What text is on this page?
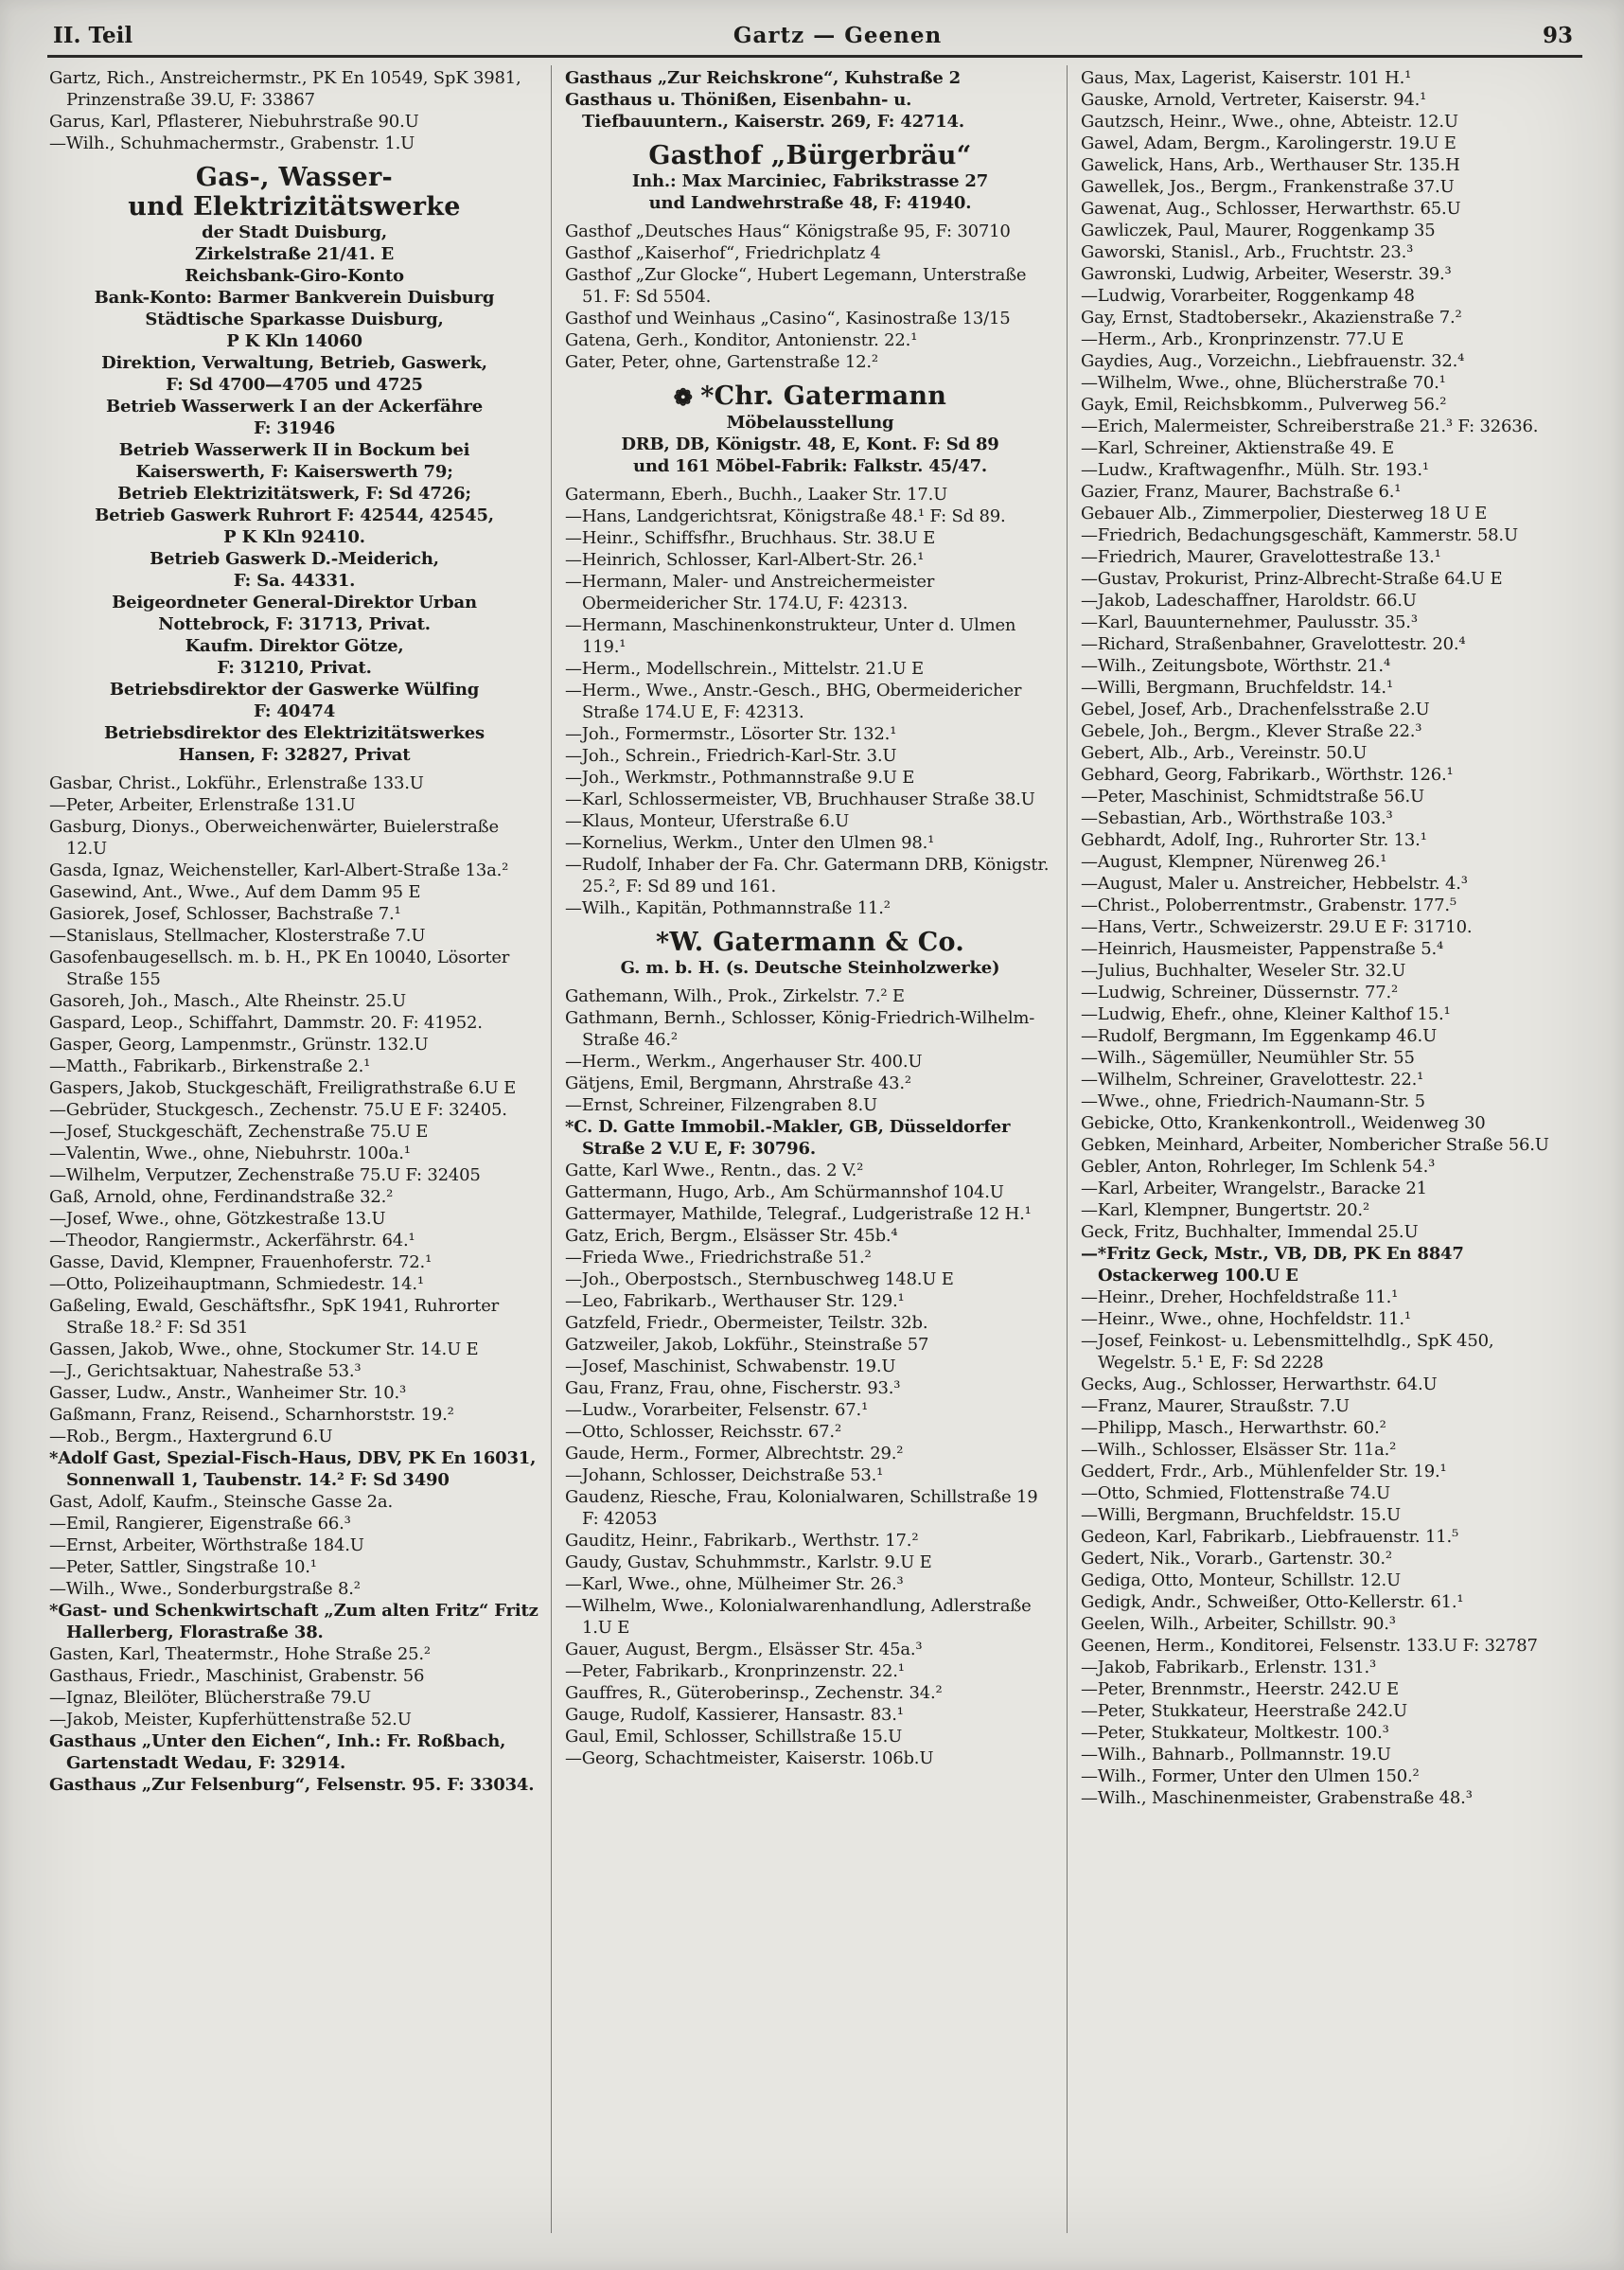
II. Teil	Gartz — Geenen	93

Gartz, Rich., Anstreichermstr., PK En 10549, SpK 3981, Prinzenstraße 39.U, F: 33867

Garus, Karl, Pflasterer, Niebuhrstraße 90.U

—Wilh., Schuhmachermstr., Grabenstr. 1.U

Gas-, Wasser-
und Elektrizitätswerke
der Stadt Duisburg,
Zirkelstraße 21/41. E
Reichsbank-Giro-Konto
Bank-Konto: Barmer Bankverein Duisburg
Städtische Sparkasse Duisburg,
P K Kln 14060
Direktion, Verwaltung, Betrieb, Gaswerk,
F: Sd 4700—4705 und 4725
Betrieb Wasserwerk I an der Ackerfähre
F: 31946
Betrieb Wasserwerk II in Bockum bei
Kaiserswerth, F: Kaiserswerth 79;
Betrieb Elektrizitätswerk, F: Sd 4726;
Betrieb Gaswerk Ruhrort F: 42544, 42545,
P K Kln 92410.
Betrieb Gaswerk D.-Meiderich,
F: Sa. 44331.
Beigeordneter General-Direktor Urban
Nottebrock, F: 31713, Privat.
Kaufm. Direktor Götze,
F: 31210, Privat.
Betriebsdirektor der Gaswerke Wülfing
F: 40474
Betriebsdirektor des Elektrizitätswerkes
Hansen, F: 32827, Privat

Gasbar, Christ., Lokführ., Erlenstraße 133.U

—Peter, Arbeiter, Erlenstraße 131.U

Gasburg, Dionys., Oberweichenwärter, Buielerstraße 12.U

Gasda, Ignaz, Weichensteller, Karl-Albert-Straße 13a.²

Gasewind, Ant., Wwe., Auf dem Damm 95 E

Gasiorek, Josef, Schlosser, Bachstraße 7.¹

—Stanislaus, Stellmacher, Klosterstraße 7.U

Gasofenbaugesellsch. m. b. H., PK En 10040, Lösorter Straße 155

Gasoreh, Joh., Masch., Alte Rheinstr. 25.U

Gaspard, Leop., Schiffahrt, Dammstr. 20. F: 41952.

Gasper, Georg, Lampenmstr., Grünstr. 132.U

—Matth., Fabrikarb., Birkenstraße 2.¹

Gaspers, Jakob, Stuckgeschäft, Freiligrathstraße 6.U E

—Gebrüder, Stuckgesch., Zechenstr. 75.U E F: 32405.

—Josef, Stuckgeschäft, Zechenstraße 75.U E

—Valentin, Wwe., ohne, Niebuhrstr. 100a.¹

—Wilhelm, Verputzer, Zechenstraße 75.U F: 32405

Gaß, Arnold, ohne, Ferdinandstraße 32.²

—Josef, Wwe., ohne, Götzkestraße 13.U

—Theodor, Rangiermstr., Ackerfährstr. 64.¹

Gasse, David, Klempner, Frauenhoferstr. 72.¹

—Otto, Polizeihauptmann, Schmiedestr. 14.¹

Gaßeling, Ewald, Geschäftsfhr., SpK 1941, Ruhrorter Straße 18.² F: Sd 351

Gassen, Jakob, Wwe., ohne, Stockumer Str. 14.U E

—J., Gerichtsaktuar, Nahestraße 53.³

Gasser, Ludw., Anstr., Wanheimer Str. 10.³

Gaßmann, Franz, Reisend., Scharnhorststr. 19.²

—Rob., Bergm., Haxtergrund 6.U

*Adolf Gast, Spezial-Fisch-Haus, DBV, PK En 16031, Sonnenwall 1, Taubenstr. 14.² F: Sd 3490

Gast, Adolf, Kaufm., Steinsche Gasse 2a.

—Emil, Rangierer, Eigenstraße 66.³

—Ernst, Arbeiter, Wörthstraße 184.U

—Peter, Sattler, Singstraße 10.¹

—Wilh., Wwe., Sonderburgstraße 8.²

*Gast- und Schenkwirtschaft „Zum alten Fritz“ Fritz Hallerberg, Florastraße 38.

Gasten, Karl, Theatermstr., Hohe Straße 25.²

Gasthaus, Friedr., Maschinist, Grabenstr. 56

—Ignaz, Bleilöter, Blücherstraße 79.U

—Jakob, Meister, Kupferhüttenstraße 52.U

Gasthaus „Unter den Eichen“, Inh.: Fr. Roßbach, Gartenstadt Wedau, F: 32914.

Gasthaus „Zur Felsenburg“, Felsenstr. 95. F: 33034.

Gasthaus „Zur Reichskrone“, Kuhstraße 2

Gasthaus u. Thönißen, Eisenbahn- u. Tiefbauuntern., Kaiserstr. 269, F: 42714.

Gasthof „Bürgerbräu“
Inh.: Max Marciniec, Fabrikstrasse 27
und Landwehrstraße 48, F: 41940.

Gasthof „Deutsches Haus“ Königstraße 95, F: 30710

Gasthof „Kaiserhof“, Friedrichplatz 4

Gasthof „Zur Glocke“, Hubert Legemann, Unterstraße 51. F: Sd 5504.

Gasthof und Weinhaus „Casino“, Kasinostraße 13/15

Gatena, Gerh., Konditor, Antonienstr. 22.¹

Gater, Peter, ohne, Gartenstraße 12.²

❁ *Chr. Gatermann
Möbelausstellung
DRB, DB, Königstr. 48, E, Kont. F: Sd 89
und 161 Möbel-Fabrik: Falkstr. 45/47.

Gatermann, Eberh., Buchh., Laaker Str. 17.U

—Hans, Landgerichtsrat, Königstraße 48.¹ F: Sd 89.

—Heinr., Schiffsfhr., Bruchhaus. Str. 38.U E

—Heinrich, Schlosser, Karl-Albert-Str. 26.¹

—Hermann, Maler- und Anstreichermeister Obermeidericher Str. 174.U, F: 42313.

—Hermann, Maschinenkonstrukteur, Unter d. Ulmen 119.¹

—Herm., Modellschrein., Mittelstr. 21.U E

—Herm., Wwe., Anstr.-Gesch., BHG, Obermeidericher Straße 174.U E, F: 42313.

—Joh., Formermstr., Lösorter Str. 132.¹

—Joh., Schrein., Friedrich-Karl-Str. 3.U

—Joh., Werkmstr., Pothmannstraße 9.U E

—Karl, Schlossermeister, VB, Bruchhauser Straße 38.U

—Klaus, Monteur, Uferstraße 6.U

—Kornelius, Werkm., Unter den Ulmen 98.¹

—Rudolf, Inhaber der Fa. Chr. Gatermann DRB, Königstr. 25.², F: Sd 89 und 161.

—Wilh., Kapitän, Pothmannstraße 11.²

*W. Gatermann & Co.
G. m. b. H. (s. Deutsche Steinholzwerke)

Gathemann, Wilh., Prok., Zirkelstr. 7.² E

Gathmann, Bernh., Schlosser, König-Friedrich-Wilhelm-Straße 46.²

—Herm., Werkm., Angerhauser Str. 400.U

Gätjens, Emil, Bergmann, Ahrstraße 43.²

—Ernst, Schreiner, Filzengraben 8.U

*C. D. Gatte Immobil.-Makler, GB, Düsseldorfer Straße 2 V.U E, F: 30796.

Gatte, Karl Wwe., Rentn., das. 2 V.²

Gattermann, Hugo, Arb., Am Schürmannshof 104.U

Gattermayer, Mathilde, Telegraf., Ludgeristraße 12 H.¹

Gatz, Erich, Bergm., Elsässer Str. 45b.⁴

—Frieda Wwe., Friedrichstraße 51.²

—Joh., Oberpostsch., Sternbuschweg 148.U E

—Leo, Fabrikarb., Werthauser Str. 129.¹

Gatzfeld, Friedr., Obermeister, Teilstr. 32b.

Gatzweiler, Jakob, Lokführ., Steinstraße 57

—Josef, Maschinist, Schwabenstr. 19.U

Gau, Franz, Frau, ohne, Fischerstr. 93.³

—Ludw., Vorarbeiter, Felsenstr. 67.¹

—Otto, Schlosser, Reichsstr. 67.²

Gaude, Herm., Former, Albrechtstr. 29.²

—Johann, Schlosser, Deichstraße 53.¹

Gaudenz, Riesche, Frau, Kolonialwaren, Schillstraße 19 F: 42053

Gauditz, Heinr., Fabrikarb., Werthstr. 17.²

Gaudy, Gustav, Schuhmmstr., Karlstr. 9.U E

—Karl, Wwe., ohne, Mülheimer Str. 26.³

—Wilhelm, Wwe., Kolonialwarenhandlung, Adlerstraße 1.U E

Gauer, August, Bergm., Elsässer Str. 45a.³

—Peter, Fabrikarb., Kronprinzenstr. 22.¹

Gauffres, R., Güteroberinsp., Zechenstr. 34.²

Gauge, Rudolf, Kassierer, Hansastr. 83.¹

Gaul, Emil, Schlosser, Schillstraße 15.U

—Georg, Schachtmeister, Kaiserstr. 106b.U

Gaus, Max, Lagerist, Kaiserstr. 101 H.¹

Gauske, Arnold, Vertreter, Kaiserstr. 94.¹

Gautzsch, Heinr., Wwe., ohne, Abteistr. 12.U

Gawel, Adam, Bergm., Karolingerstr. 19.U E

Gawelick, Hans, Arb., Werthauser Str. 135.H

Gawellek, Jos., Bergm., Frankenstraße 37.U

Gawenat, Aug., Schlosser, Herwarthstr. 65.U

Gawliczek, Paul, Maurer, Roggenkamp 35

Gaworski, Stanisl., Arb., Fruchtstr. 23.³

Gawronski, Ludwig, Arbeiter, Weserstr. 39.³

—Ludwig, Vorarbeiter, Roggenkamp 48

Gay, Ernst, Stadtobersekr., Akazienstraße 7.²

—Herm., Arb., Kronprinzenstr. 77.U E

Gaydies, Aug., Vorzeichn., Liebfrauenstr. 32.⁴

—Wilhelm, Wwe., ohne, Blücherstraße 70.¹

Gayk, Emil, Reichsbkomm., Pulverweg 56.²

—Erich, Malermeister, Schreiberstraße 21.³ F: 32636.

—Karl, Schreiner, Aktienstraße 49. E

—Ludw., Kraftwagenfhr., Mülh. Str. 193.¹

Gazier, Franz, Maurer, Bachstraße 6.¹

Gebauer Alb., Zimmerpolier, Diesterweg 18 U E

—Friedrich, Bedachungsgeschäft, Kammerstr. 58.U

—Friedrich, Maurer, Gravelottestraße 13.¹

—Gustav, Prokurist, Prinz-Albrecht-Straße 64.U E

—Jakob, Ladeschaffner, Haroldstr. 66.U

—Karl, Bauunternehmer, Paulusstr. 35.³

—Richard, Straßenbahner, Gravelottestr. 20.⁴

—Wilh., Zeitungsbote, Wörthstr. 21.⁴

—Willi, Bergmann, Bruchfeldstr. 14.¹

Gebel, Josef, Arb., Drachenfelsstraße 2.U

Gebele, Joh., Bergm., Klever Straße 22.³

Gebert, Alb., Arb., Vereinstr. 50.U

Gebhard, Georg, Fabrikarb., Wörthstr. 126.¹

—Peter, Maschinist, Schmidtstraße 56.U

—Sebastian, Arb., Wörthstraße 103.³

Gebhardt, Adolf, Ing., Ruhrorter Str. 13.¹

—August, Klempner, Nürenweg 26.¹

—August, Maler u. Anstreicher, Hebbelstr. 4.³

—Christ., Poloberrentmstr., Grabenstr. 177.⁵

—Hans, Vertr., Schweizerstr. 29.U E F: 31710.

—Heinrich, Hausmeister, Pappenstraße 5.⁴

—Julius, Buchhalter, Weseler Str. 32.U

—Ludwig, Schreiner, Düssernstr. 77.²

—Ludwig, Ehefr., ohne, Kleiner Kalthof 15.¹

—Rudolf, Bergmann, Im Eggenkamp 46.U

—Wilh., Sägemüller, Neumühler Str. 55

—Wilhelm, Schreiner, Gravelottestr. 22.¹

—Wwe., ohne, Friedrich-Naumann-Str. 5

Gebicke, Otto, Krankenkontroll., Weidenweg 30

Gebken, Meinhard, Arbeiter, Nombericher Straße 56.U

Gebler, Anton, Rohrleger, Im Schlenk 54.³

—Karl, Arbeiter, Wrangelstr., Baracke 21

—Karl, Klempner, Bungertstr. 20.²

Geck, Fritz, Buchhalter, Immendal 25.U

—*Fritz Geck, Mstr., VB, DB, PK En 8847 Ostackerweg 100.U E

—Heinr., Dreher, Hochfeldstraße 11.¹

—Heinr., Wwe., ohne, Hochfeldstr. 11.¹

—Josef, Feinkost- u. Lebensmittelhdlg., SpK 450, Wegelstr. 5.¹ E, F: Sd 2228

Gecks, Aug., Schlosser, Herwarthstr. 64.U

—Franz, Maurer, Straußstr. 7.U

—Philipp, Masch., Herwarthstr. 60.²

—Wilh., Schlosser, Elsässer Str. 11a.²

Geddert, Frdr., Arb., Mühlenfelder Str. 19.¹

—Otto, Schmied, Flottenstraße 74.U

—Willi, Bergmann, Bruchfeldstr. 15.U

Gedeon, Karl, Fabrikarb., Liebfrauenstr. 11.⁵

Gedert, Nik., Vorarb., Gartenstr. 30.²

Gediga, Otto, Monteur, Schillstr. 12.U

Gedigk, Andr., Schweißer, Otto-Kellerstr. 61.¹

Geelen, Wilh., Arbeiter, Schillstr. 90.³

Geenen, Herm., Konditorei, Felsenstr. 133.U F: 32787

—Jakob, Fabrikarb., Erlenstr. 131.³

—Peter, Brennmstr., Heerstr. 242.U E

—Peter, Stukkateur, Heerstraße 242.U

—Peter, Stukkateur, Moltkestr. 100.³

—Wilh., Bahnarb., Pollmannstr. 19.U

—Wilh., Former, Unter den Ulmen 150.²

—Wilh., Maschinenmeister, Grabenstraße 48.³
